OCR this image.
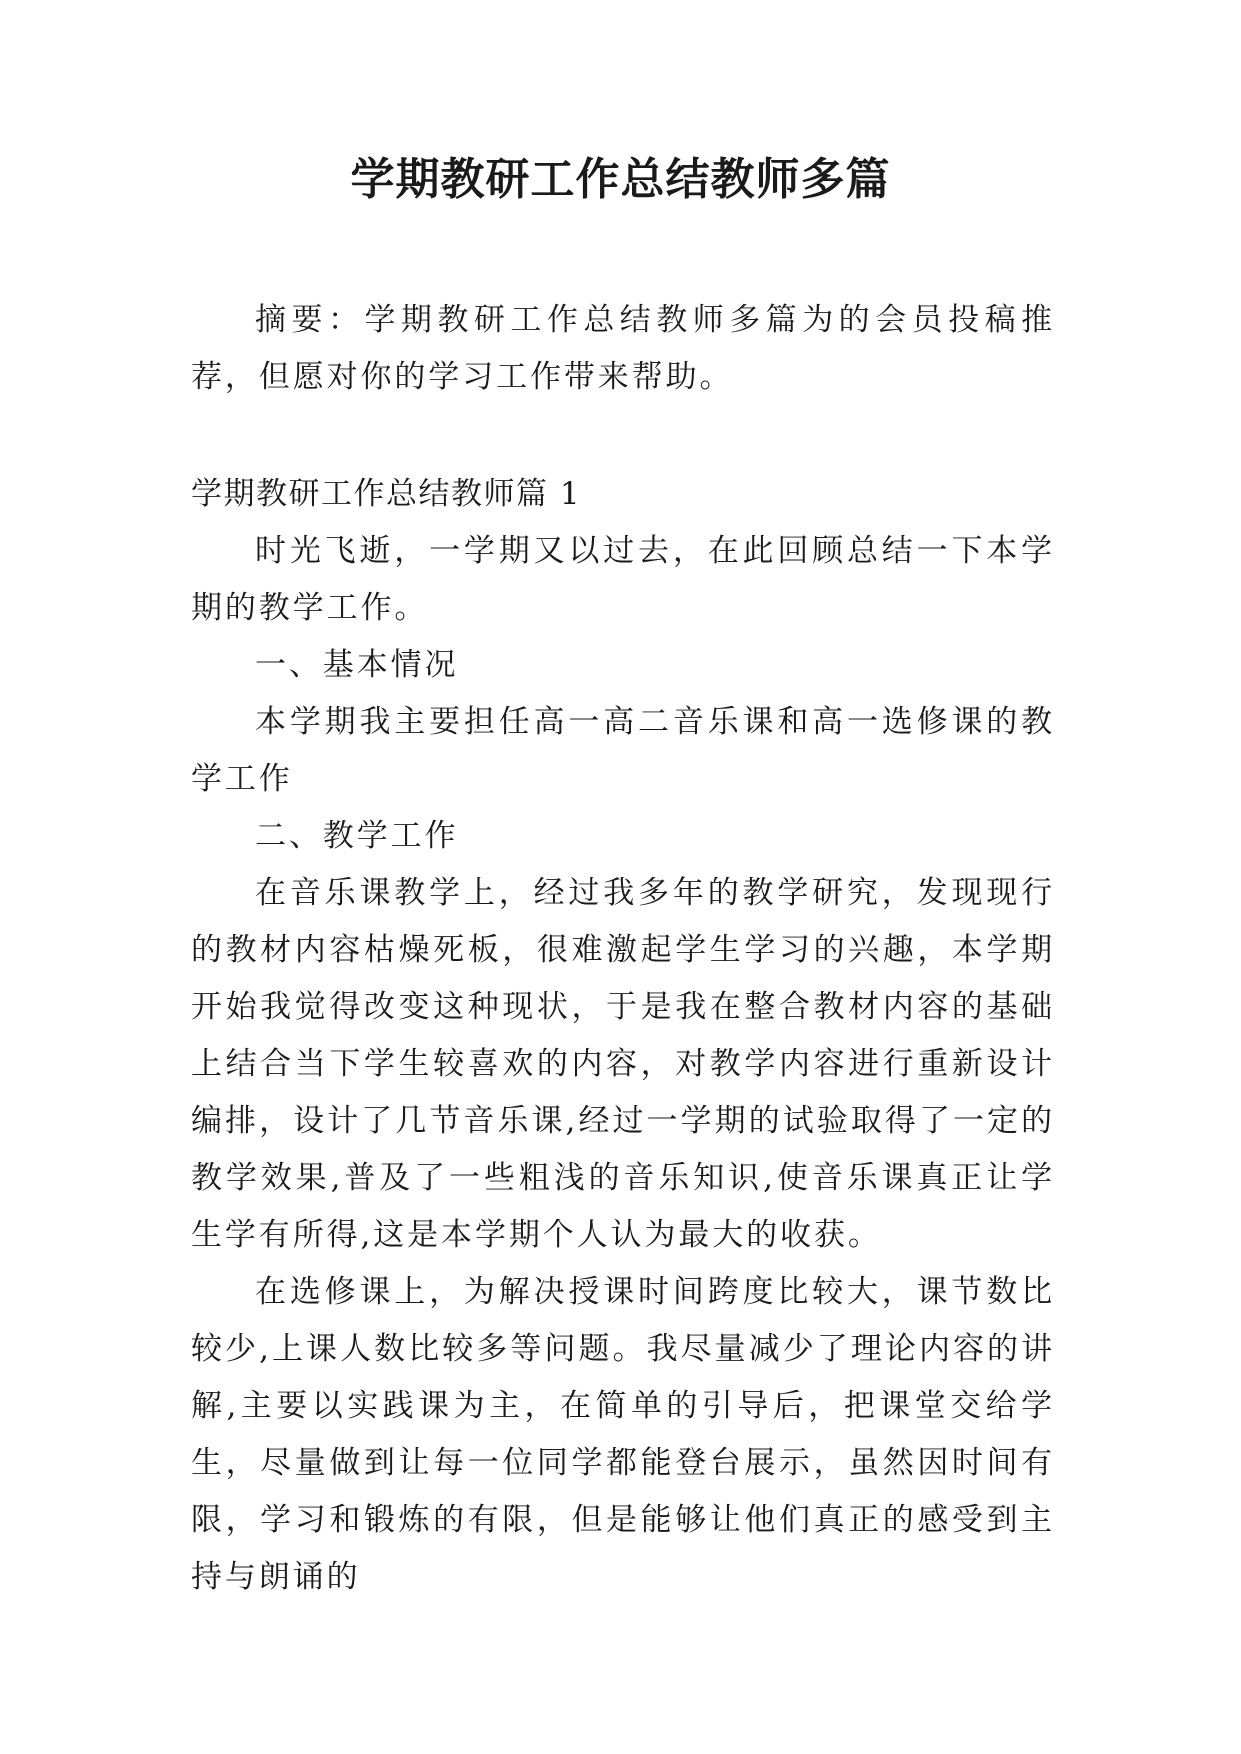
学期教研工作总结教师多篇

摘要：学期教研工作总结教师多篇为的会员投稿推荐，但愿对你的学习工作带来帮助。

学期教研工作总结教师篇 1

时光飞逝，一学期又以过去，在此回顾总结一下本学期的教学工作。

一、基本情况

本学期我主要担任高一高二音乐课和高一选修课的教学工作

二、教学工作

在音乐课教学上，经过我多年的教学研究，发现现行的教材内容枯燥死板，很难激起学生学习的兴趣，本学期开始我觉得改变这种现状，于是我在整合教材内容的基础上结合当下学生较喜欢的内容，对教学内容进行重新设计编排，设计了几节音乐课,经过一学期的试验取得了一定的教学效果,普及了一些粗浅的音乐知识,使音乐课真正让学生学有所得,这是本学期个人认为最大的收获。

在选修课上，为解决授课时间跨度比较大，课节数比较少,上课人数比较多等问题。我尽量减少了理论内容的讲解,主要以实践课为主，在简单的引导后，把课堂交给学生，尽量做到让每一位同学都能登台展示，虽然因时间有限，学习和锻炼的有限，但是能够让他们真正的感受到主持与朗诵的
